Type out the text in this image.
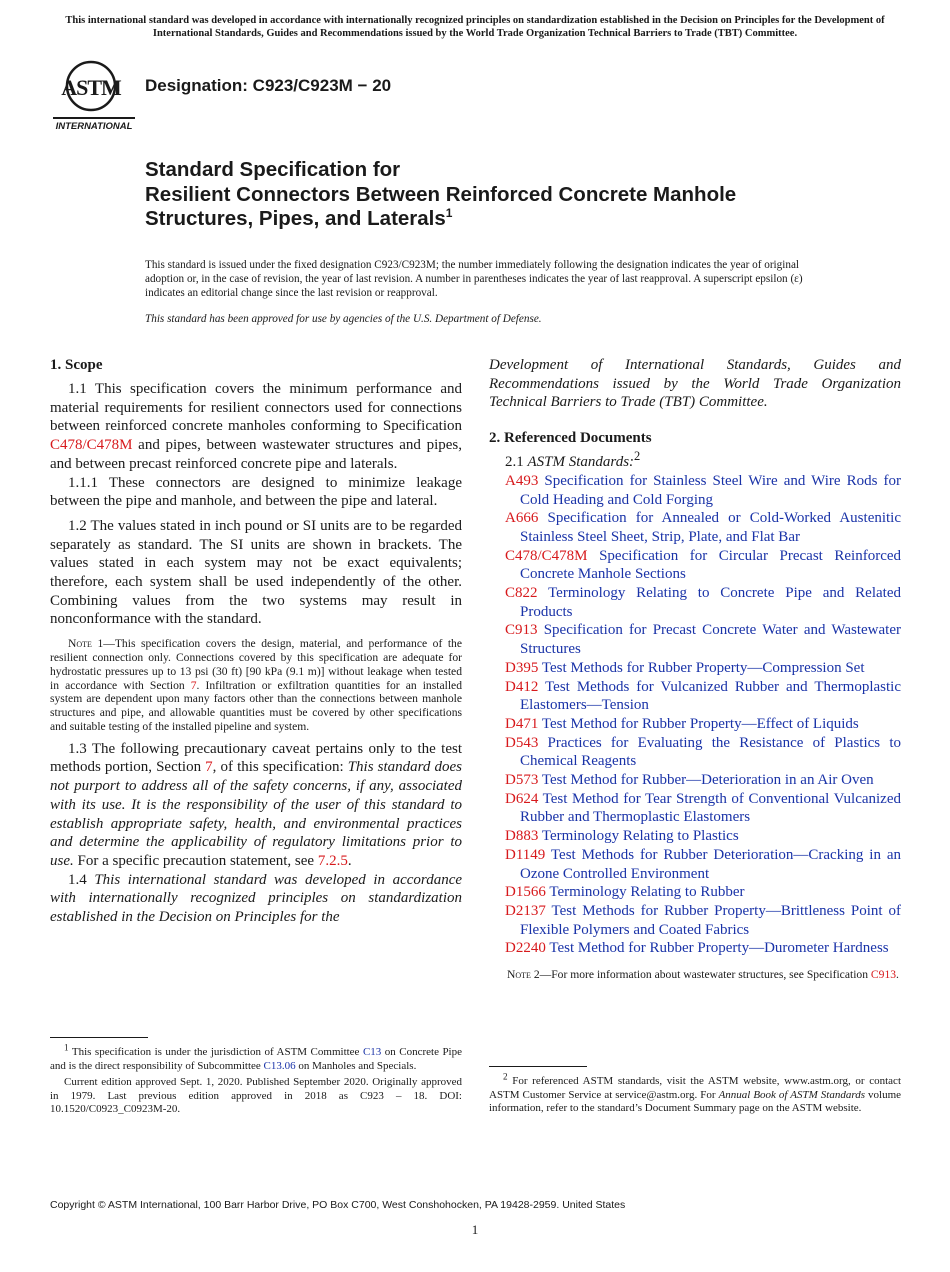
This international standard was developed in accordance with internationally recognized principles on standardization established in the Decision on Principles for the Development of International Standards, Guides and Recommendations issued by the World Trade Organization Technical Barriers to Trade (TBT) Committee.
ASTM
INTERNATIONAL
Designation: C923/C923M − 20
Standard Specification for
Resilient Connectors Between Reinforced Concrete Manhole
Structures, Pipes, and Laterals$^1$

This standard is issued under the fixed designation C923/C923M; the number immediately following the designation indicates the year of original adoption or, in the case of revision, the year of last revision. A number in parentheses indicates the year of last reapproval. A superscript epsilon (ε) indicates an editorial change since the last revision or reapproval.

This standard has been approved for use by agencies of the U.S. Department of Defense.
1. Scope

1.1 This specification covers the minimum performance and material requirements for resilient connectors used for connections between reinforced concrete manholes conforming to Specification C478/C478M and pipes, between wastewater structures and pipes, and between precast reinforced concrete pipe and laterals.

1.1.1 These connectors are designed to minimize leakage between the pipe and manhole, and between the pipe and lateral.

1.2 The values stated in inch pound or SI units are to be regarded separately as standard. The SI units are shown in brackets. The values stated in each system may not be exact equivalents; therefore, each system shall be used independently of the other. Combining values from the two systems may result in nonconformance with the standard.

Note 1—This specification covers the design, material, and performance of the resilient connection only. Connections covered by this specification are adequate for hydrostatic pressures up to 13 psi (30 ft) [90 kPa (9.1 m)] without leakage when tested in accordance with Section 7. Infiltration or exfiltration quantities for an installed system are dependent upon many factors other than the connections between manhole structures and pipe, and allowable quantities must be covered by other specifications and suitable testing of the installed pipeline and system.

1.3 The following precautionary caveat pertains only to the test methods portion, Section 7, of this specification: This standard does not purport to address all of the safety concerns, if any, associated with its use. It is the responsibility of the user of this standard to establish appropriate safety, health, and environmental practices and determine the applicability of regulatory limitations prior to use. For a specific precaution statement, see 7.2.5.

1.4 This international standard was developed in accordance with internationally recognized principles on standardization established in the Decision on Principles for the

Development of International Standards, Guides and Recommendations issued by the World Trade Organization Technical Barriers to Trade (TBT) Committee.

2. Referenced Documents

2.1 ASTM Standards:$^2$

A493 Specification for Stainless Steel Wire and Wire Rods for Cold Heading and Cold Forging

A666 Specification for Annealed or Cold-Worked Austenitic Stainless Steel Sheet, Strip, Plate, and Flat Bar

C478/C478M Specification for Circular Precast Reinforced Concrete Manhole Sections

C822 Terminology Relating to Concrete Pipe and Related Products

C913 Specification for Precast Concrete Water and Wastewater Structures

D395 Test Methods for Rubber Property—Compression Set

D412 Test Methods for Vulcanized Rubber and Thermoplastic Elastomers—Tension

D471 Test Method for Rubber Property—Effect of Liquids

D543 Practices for Evaluating the Resistance of Plastics to Chemical Reagents

D573 Test Method for Rubber—Deterioration in an Air Oven

D624 Test Method for Tear Strength of Conventional Vulcanized Rubber and Thermoplastic Elastomers

D883 Terminology Relating to Plastics

D1149 Test Methods for Rubber Deterioration—Cracking in an Ozone Controlled Environment

D1566 Terminology Relating to Rubber

D2137 Test Methods for Rubber Property—Brittleness Point of Flexible Polymers and Coated Fabrics

D2240 Test Method for Rubber Property—Durometer Hardness

Note 2—For more information about wastewater structures, see Specification C913.

$^1$ This specification is under the jurisdiction of ASTM Committee C13 on Concrete Pipe and is the direct responsibility of Subcommittee C13.06 on Manholes and Specials.

Current edition approved Sept. 1, 2020. Published September 2020. Originally approved in 1979. Last previous edition approved in 2018 as C923 – 18. DOI: 10.1520/C0923_C0923M-20.

$^2$ For referenced ASTM standards, visit the ASTM website, www.astm.org, or contact ASTM Customer Service at service@astm.org. For Annual Book of ASTM Standards volume information, refer to the standard’s Document Summary page on the ASTM website.

Copyright © ASTM International, 100 Barr Harbor Drive, PO Box C700, West Conshohocken, PA 19428-2959. United States
1
